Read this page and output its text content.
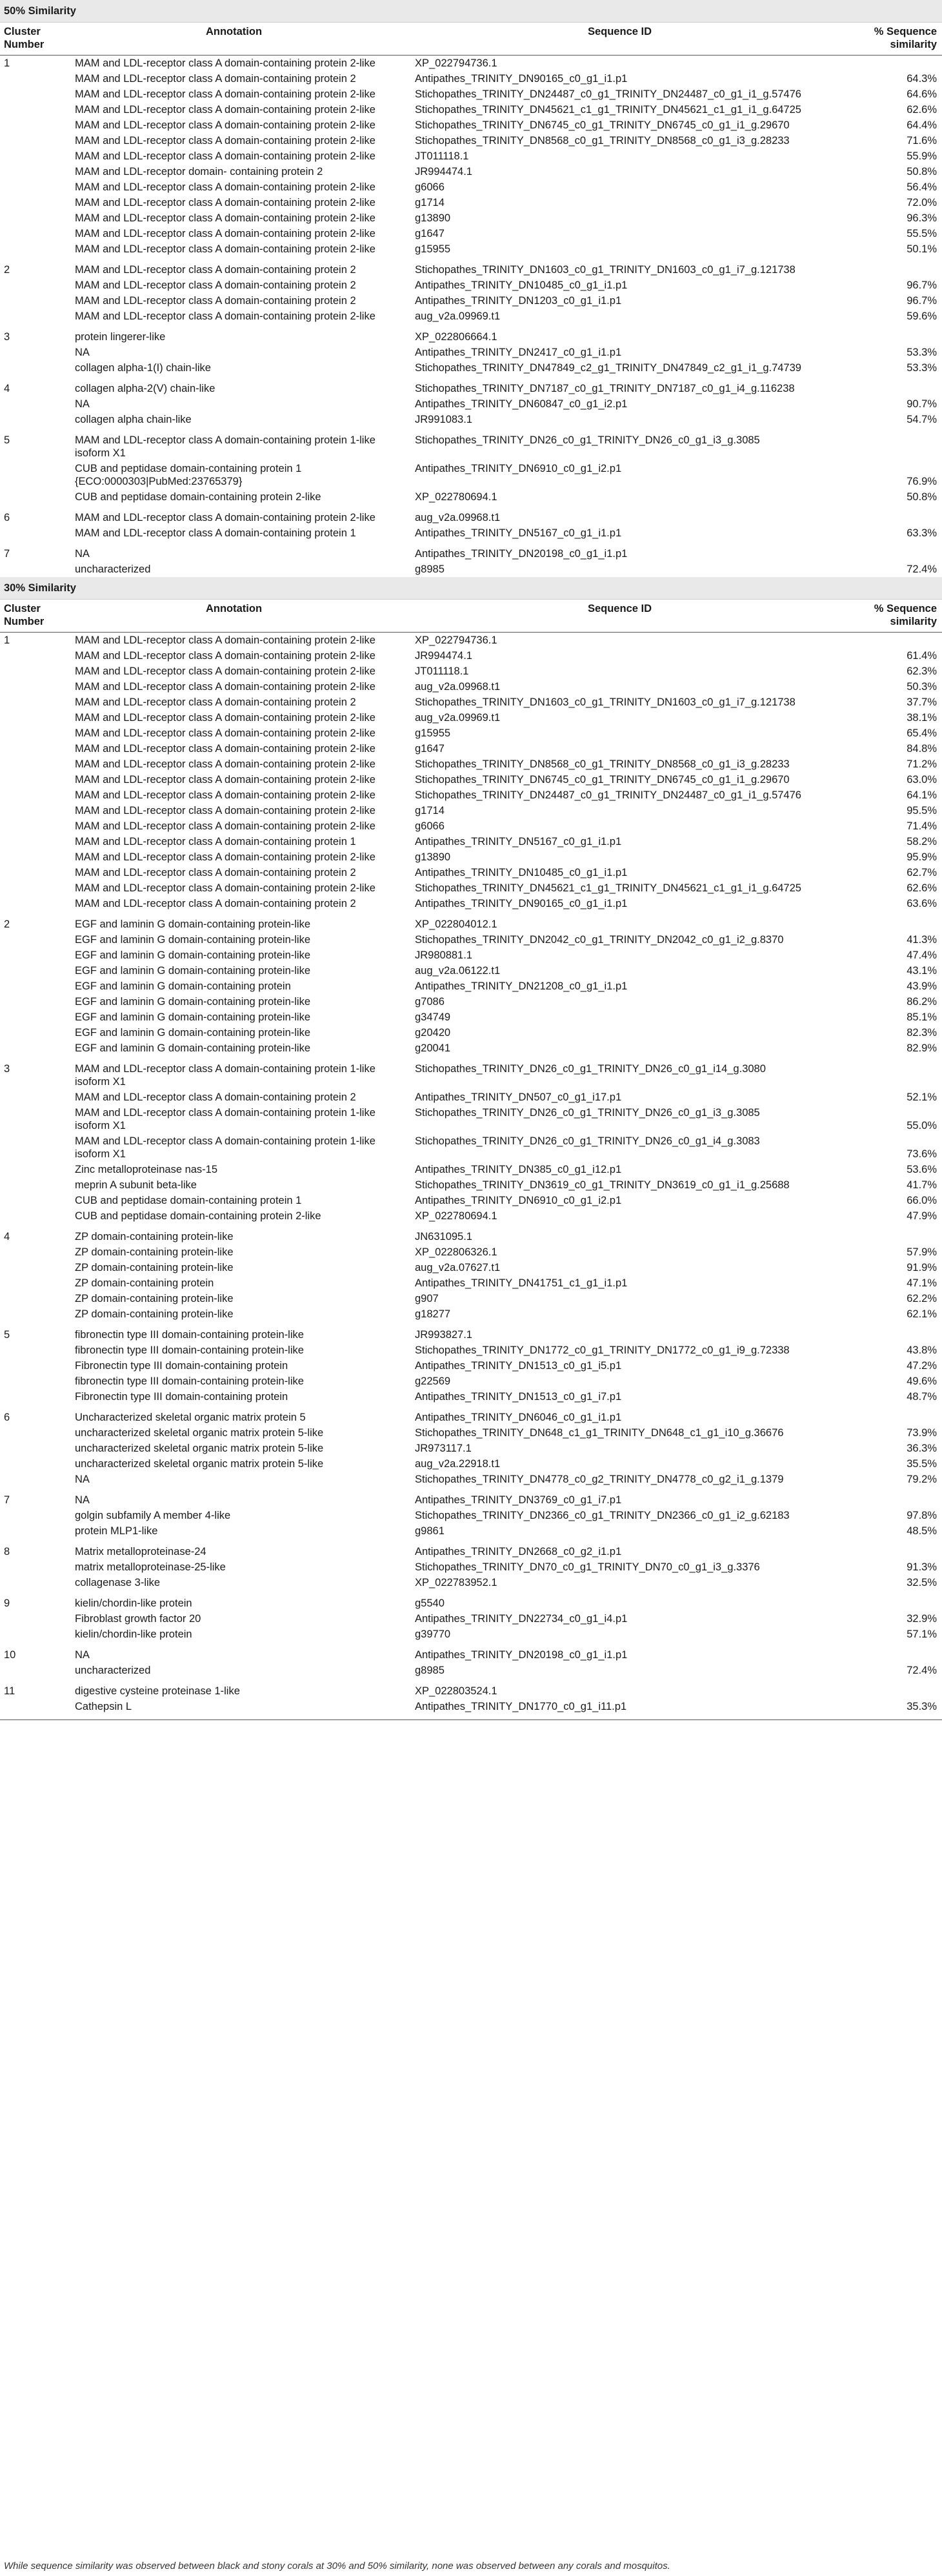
50% Similarity			
Cluster Number	Annotation	Sequence ID	% Sequence similarity
1	MAM and LDL-receptor class A domain-containing protein 2-like	XP_022794736.1	
	MAM and LDL-receptor class A domain-containing protein 2	Antipathes_TRINITY_DN90165_c0_g1_i1.p1	64.3%
	MAM and LDL-receptor class A domain-containing protein 2-like	Stichopathes_TRINITY_DN24487_c0_g1_TRINITY_DN24487_c0_g1_i1_g.57476	64.6%
	MAM and LDL-receptor class A domain-containing protein 2-like	Stichopathes_TRINITY_DN45621_c1_g1_TRINITY_DN45621_c1_g1_i1_g.64725	62.6%
	MAM and LDL-receptor class A domain-containing protein 2-like	Stichopathes_TRINITY_DN6745_c0_g1_TRINITY_DN6745_c0_g1_i1_g.29670	64.4%
	MAM and LDL-receptor class A domain-containing protein 2-like	Stichopathes_TRINITY_DN8568_c0_g1_TRINITY_DN8568_c0_g1_i3_g.28233	71.6%
	MAM and LDL-receptor class A domain-containing protein 2-like	JT011118.1	55.9%
	MAM and LDL-receptor domain- containing protein 2	JR994474.1	50.8%
	MAM and LDL-receptor class A domain-containing protein 2-like	g6066	56.4%
	MAM and LDL-receptor class A domain-containing protein 2-like	g1714	72.0%
	MAM and LDL-receptor class A domain-containing protein 2-like	g13890	96.3%
	MAM and LDL-receptor class A domain-containing protein 2-like	g1647	55.5%
	MAM and LDL-receptor class A domain-containing protein 2-like	g15955	50.1%
2	MAM and LDL-receptor class A domain-containing protein 2	Stichopathes_TRINITY_DN1603_c0_g1_TRINITY_DN1603_c0_g1_i7_g.121738	
	MAM and LDL-receptor class A domain-containing protein 2	Antipathes_TRINITY_DN10485_c0_g1_i1.p1	96.7%
	MAM and LDL-receptor class A domain-containing protein 2	Antipathes_TRINITY_DN1203_c0_g1_i1.p1	96.7%
	MAM and LDL-receptor class A domain-containing protein 2-like	aug_v2a.09969.t1	59.6%
3	protein lingerer-like	XP_022806664.1	
	NA	Antipathes_TRINITY_DN2417_c0_g1_i1.p1	53.3%
	collagen alpha-1(I) chain-like	Stichopathes_TRINITY_DN47849_c2_g1_TRINITY_DN47849_c2_g1_i1_g.74739	53.3%
4	collagen alpha-2(V) chain-like	Stichopathes_TRINITY_DN7187_c0_g1_TRINITY_DN7187_c0_g1_i4_g.116238	
	NA	Antipathes_TRINITY_DN60847_c0_g1_i2.p1	90.7%
	collagen alpha chain-like	JR991083.1	54.7%
5	MAM and LDL-receptor class A domain-containing protein 1-like isoform X1	Stichopathes_TRINITY_DN26_c0_g1_TRINITY_DN26_c0_g1_i3_g.3085	
	CUB and peptidase domain-containing protein 1 {ECO:0000303|PubMed:23765379}	Antipathes_TRINITY_DN6910_c0_g1_i2.p1	76.9%
	CUB and peptidase domain-containing protein 2-like	XP_022780694.1	50.8%
6	MAM and LDL-receptor class A domain-containing protein 2-like	aug_v2a.09968.t1	
	MAM and LDL-receptor class A domain-containing protein 1	Antipathes_TRINITY_DN5167_c0_g1_i1.p1	63.3%
7	NA	Antipathes_TRINITY_DN20198_c0_g1_i1.p1	
	uncharacterized	g8985	72.4%
30% Similarity			
Cluster Number	Annotation	Sequence ID	% Sequence similarity
1	MAM and LDL-receptor class A domain-containing protein 2-like	XP_022794736.1	
	MAM and LDL-receptor class A domain-containing protein 2-like	JR994474.1	61.4%
	MAM and LDL-receptor class A domain-containing protein 2-like	JT011118.1	62.3%
	MAM and LDL-receptor class A domain-containing protein 2-like	aug_v2a.09968.t1	50.3%
	MAM and LDL-receptor class A domain-containing protein 2	Stichopathes_TRINITY_DN1603_c0_g1_TRINITY_DN1603_c0_g1_i7_g.121738	37.7%
	MAM and LDL-receptor class A domain-containing protein 2-like	aug_v2a.09969.t1	38.1%
	MAM and LDL-receptor class A domain-containing protein 2-like	g15955	65.4%
	MAM and LDL-receptor class A domain-containing protein 2-like	g1647	84.8%
	MAM and LDL-receptor class A domain-containing protein 2-like	Stichopathes_TRINITY_DN8568_c0_g1_TRINITY_DN8568_c0_g1_i3_g.28233	71.2%
	MAM and LDL-receptor class A domain-containing protein 2-like	Stichopathes_TRINITY_DN6745_c0_g1_TRINITY_DN6745_c0_g1_i1_g.29670	63.0%
	MAM and LDL-receptor class A domain-containing protein 2-like	Stichopathes_TRINITY_DN24487_c0_g1_TRINITY_DN24487_c0_g1_i1_g.57476	64.1%
	MAM and LDL-receptor class A domain-containing protein 2-like	g1714	95.5%
	MAM and LDL-receptor class A domain-containing protein 2-like	g6066	71.4%
	MAM and LDL-receptor class A domain-containing protein 1	Antipathes_TRINITY_DN5167_c0_g1_i1.p1	58.2%
	MAM and LDL-receptor class A domain-containing protein 2-like	g13890	95.9%
	MAM and LDL-receptor class A domain-containing protein 2	Antipathes_TRINITY_DN10485_c0_g1_i1.p1	62.7%
	MAM and LDL-receptor class A domain-containing protein 2-like	Stichopathes_TRINITY_DN45621_c1_g1_TRINITY_DN45621_c1_g1_i1_g.64725	62.6%
	MAM and LDL-receptor class A domain-containing protein 2	Antipathes_TRINITY_DN90165_c0_g1_i1.p1	63.6%
2	EGF and laminin G domain-containing protein-like	XP_022804012.1	
	EGF and laminin G domain-containing protein-like	Stichopathes_TRINITY_DN2042_c0_g1_TRINITY_DN2042_c0_g1_i2_g.8370	41.3%
	EGF and laminin G domain-containing protein-like	JR980881.1	47.4%
	EGF and laminin G domain-containing protein-like	aug_v2a.06122.t1	43.1%
	EGF and laminin G domain-containing protein	Antipathes_TRINITY_DN21208_c0_g1_i1.p1	43.9%
	EGF and laminin G domain-containing protein-like	g7086	86.2%
	EGF and laminin G domain-containing protein-like	g34749	85.1%
	EGF and laminin G domain-containing protein-like	g20420	82.3%
	EGF and laminin G domain-containing protein-like	g20041	82.9%
3	MAM and LDL-receptor class A domain-containing protein 1-like isoform X1	Stichopathes_TRINITY_DN26_c0_g1_TRINITY_DN26_c0_g1_i14_g.3080	
	MAM and LDL-receptor class A domain-containing protein 2	Antipathes_TRINITY_DN507_c0_g1_i17.p1	52.1%
	MAM and LDL-receptor class A domain-containing protein 1-like isoform X1	Stichopathes_TRINITY_DN26_c0_g1_TRINITY_DN26_c0_g1_i3_g.3085	55.0%
	MAM and LDL-receptor class A domain-containing protein 1-like isoform X1	Stichopathes_TRINITY_DN26_c0_g1_TRINITY_DN26_c0_g1_i4_g.3083	73.6%
	Zinc metalloproteinase nas-15	Antipathes_TRINITY_DN385_c0_g1_i12.p1	53.6%
	meprin A subunit beta-like	Stichopathes_TRINITY_DN3619_c0_g1_TRINITY_DN3619_c0_g1_i1_g.25688	41.7%
	CUB and peptidase domain-containing protein 1	Antipathes_TRINITY_DN6910_c0_g1_i2.p1	66.0%
	CUB and peptidase domain-containing protein 2-like	XP_022780694.1	47.9%
4	ZP domain-containing protein-like	JN631095.1	
	ZP domain-containing protein-like	XP_022806326.1	57.9%
	ZP domain-containing protein-like	aug_v2a.07627.t1	91.9%
	ZP domain-containing protein	Antipathes_TRINITY_DN41751_c1_g1_i1.p1	47.1%
	ZP domain-containing protein-like	g907	62.2%
	ZP domain-containing protein-like	g18277	62.1%
5	fibronectin type III domain-containing protein-like	JR993827.1	
	fibronectin type III domain-containing protein-like	Stichopathes_TRINITY_DN1772_c0_g1_TRINITY_DN1772_c0_g1_i9_g.72338	43.8%
	Fibronectin type III domain-containing protein	Antipathes_TRINITY_DN1513_c0_g1_i5.p1	47.2%
	fibronectin type III domain-containing protein-like	g22569	49.6%
	Fibronectin type III domain-containing protein	Antipathes_TRINITY_DN1513_c0_g1_i7.p1	48.7%
6	Uncharacterized skeletal organic matrix protein 5	Antipathes_TRINITY_DN6046_c0_g1_i1.p1	
	uncharacterized skeletal organic matrix protein 5-like	Stichopathes_TRINITY_DN648_c1_g1_TRINITY_DN648_c1_g1_i10_g.36676	73.9%
	uncharacterized skeletal organic matrix protein 5-like	JR973117.1	36.3%
	uncharacterized skeletal organic matrix protein 5-like	aug_v2a.22918.t1	35.5%
	NA	Stichopathes_TRINITY_DN4778_c0_g2_TRINITY_DN4778_c0_g2_i1_g.1379	79.2%
7	NA	Antipathes_TRINITY_DN3769_c0_g1_i7.p1	
	golgin subfamily A member 4-like	Stichopathes_TRINITY_DN2366_c0_g1_TRINITY_DN2366_c0_g1_i2_g.62183	97.8%
	protein MLP1-like	g9861	48.5%
8	Matrix metalloproteinase-24	Antipathes_TRINITY_DN2668_c0_g2_i1.p1	
	matrix metalloproteinase-25-like	Stichopathes_TRINITY_DN70_c0_g1_TRINITY_DN70_c0_g1_i3_g.3376	91.3%
	collagenase 3-like	XP_022783952.1	32.5%
9	kielin/chordin-like protein	g5540	
	Fibroblast growth factor 20	Antipathes_TRINITY_DN22734_c0_g1_i4.p1	32.9%
	kielin/chordin-like protein	g39770	57.1%
10	NA	Antipathes_TRINITY_DN20198_c0_g1_i1.p1	
	uncharacterized	g8985	72.4%
11	digestive cysteine proteinase 1-like	XP_022803524.1	
	Cathepsin L	Antipathes_TRINITY_DN1770_c0_g1_i11.p1	35.3%
While sequence similarity was observed between black and stony corals at 30% and 50% similarity, none was observed between any corals and mosquitos.
